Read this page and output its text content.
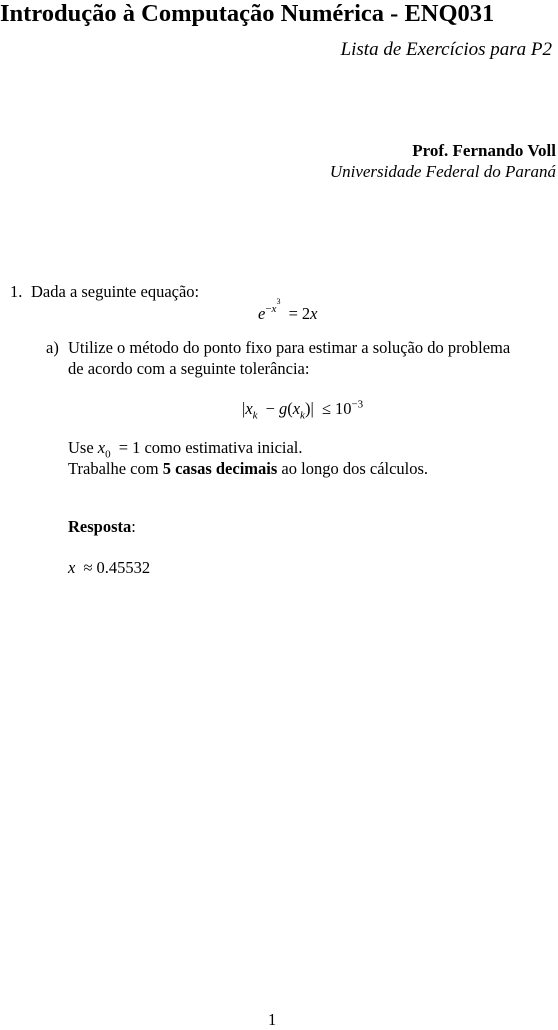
Introdução à Computação Numérica - ENQ031
Lista de Exercícios para P2
Prof. Fernando Voll
Universidade Federal do Paraná
1. Dada a seguinte equação:
$e^{-x^3} = 2x$
a) Utilize o método do ponto fixo para estimar a solução do problema
de acordo com a seguinte tolerância:
$|x_k - g(x_k)| \le 10^{-3}$
Use $x_0 = 1$ como estimativa inicial.
Trabalhe com 5 casas decimais ao longo dos cálculos.
Resposta:
x ≈ 0.45532
1
